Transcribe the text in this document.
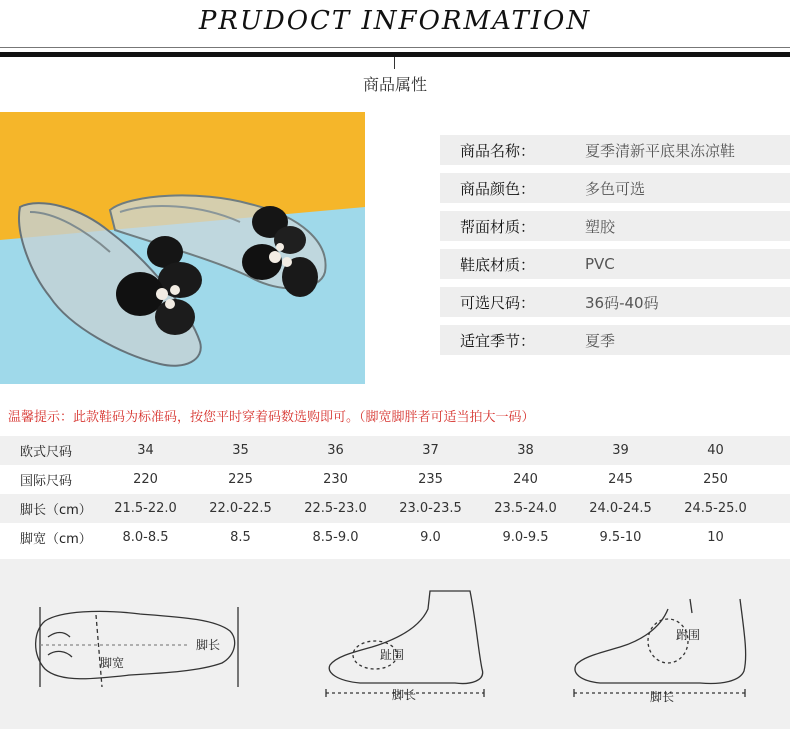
PRUDOCT INFORMATION
商品属性
商品名称：	夏季清新平底果冻凉鞋
商品颜色：	多色可选
帮面材质：	塑胶
鞋底材质：	PVC
可选尺码：	36码-40码
适宜季节：	夏季
温馨提示：此款鞋码为标准码，按您平时穿着码数选购即可。（脚宽脚胖者可适当拍大一码）
欧式尺码	34	35	36	37	38	39	40
国际尺码	220	225	230	235	240	245	250
脚长（cm）	21.5-22.0	22.0-22.5	22.5-23.0	23.0-23.5	23.5-24.0	24.0-24.5	24.5-25.0
脚宽（cm）	8.0-8.5	8.5	8.5-9.0	9.0	9.0-9.5	9.5-10	10
脚长
脚宽
趾围
脚长
跗围
脚长
